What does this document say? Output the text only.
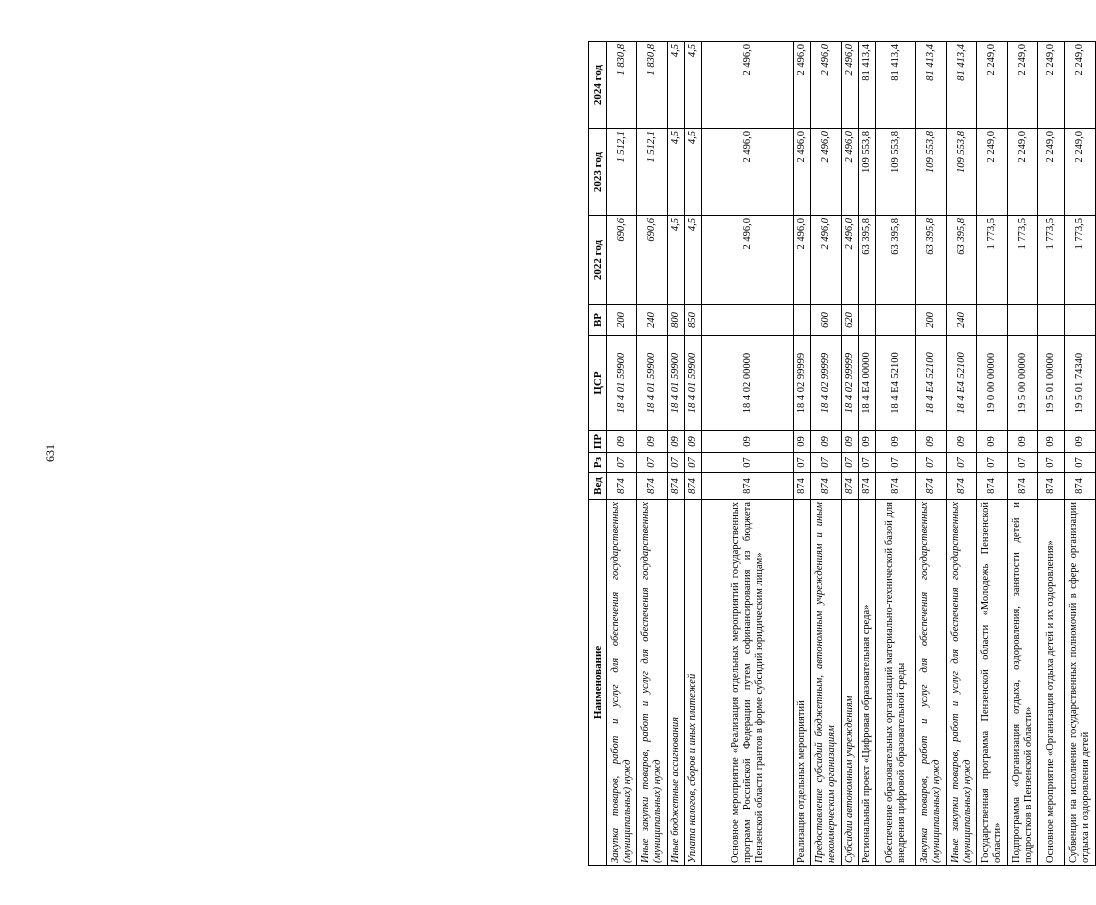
631
Наименование	Вед	Рз	ПР	ЦСР	ВР	2022 год	2023 год	2024 год
Закупка товаров, работ и услуг для обеспечения государственных (муниципальных) нужд	874	07	09	18 4 01 59900	200	690,6	1 512,1	1 830,8
Иные закупки товаров, работ и услуг для обеспечения государственных (муниципальных) нужд	874	07	09	18 4 01 59900	240	690,6	1 512,1	1 830,8
Иные бюджетные ассигнования	874	07	09	18 4 01 59900	800	4,5	4,5	4,5
Уплата налогов, сборов и иных платежей	874	07	09	18 4 01 59900	850	4,5	4,5	4,5
Основное мероприятие «Реализация отдельных мероприятий государственных программ Российской Федерации путем софинансирования из бюджета Пензенской области грантов в форме субсидий юридическим лицам»	874	07	09	18 4 02 00000		2 496,0	2 496,0	2 496,0
Реализация отдельных мероприятий	874	07	09	18 4 02 99999		2 496,0	2 496,0	2 496,0
Предоставление субсидий бюджетным, автономным учреждениям и иным некоммерческим организациям	874	07	09	18 4 02 99999	600	2 496,0	2 496,0	2 496,0
Субсидии автономным учреждениям	874	07	09	18 4 02 99999	620	2 496,0	2 496,0	2 496,0
Региональный проект «Цифровая образовательная среда»	874	07	09	18 4 E4 00000		63 395,8	109 553,8	81 413,4
Обеспечение образовательных организаций материально-технической базой для внедрения цифровой образовательной среды	874	07	09	18 4 E4 52100		63 395,8	109 553,8	81 413,4
Закупка товаров, работ и услуг для обеспечения государственных (муниципальных) нужд	874	07	09	18 4 E4 52100	200	63 395,8	109 553,8	81 413,4
Иные закупки товаров, работ и услуг для обеспечения государственных (муниципальных) нужд	874	07	09	18 4 E4 52100	240	63 395,8	109 553,8	81 413,4
Государственная программа Пензенской области «Молодежь Пензенской области»	874	07	09	19 0 00 00000		1 773,5	2 249,0	2 249,0
Подпрограмма «Организация отдыха, оздоровления, занятости детей и подростков в Пензенской области»	874	07	09	19 5 00 00000		1 773,5	2 249,0	2 249,0
Основное мероприятие «Организация отдыха детей и их оздоровления»	874	07	09	19 5 01 00000		1 773,5	2 249,0	2 249,0
Субвенции на исполнение государственных полномочий в сфере организации отдыха и оздоровления детей	874	07	09	19 5 01 74340		1 773,5	2 249,0	2 249,0
